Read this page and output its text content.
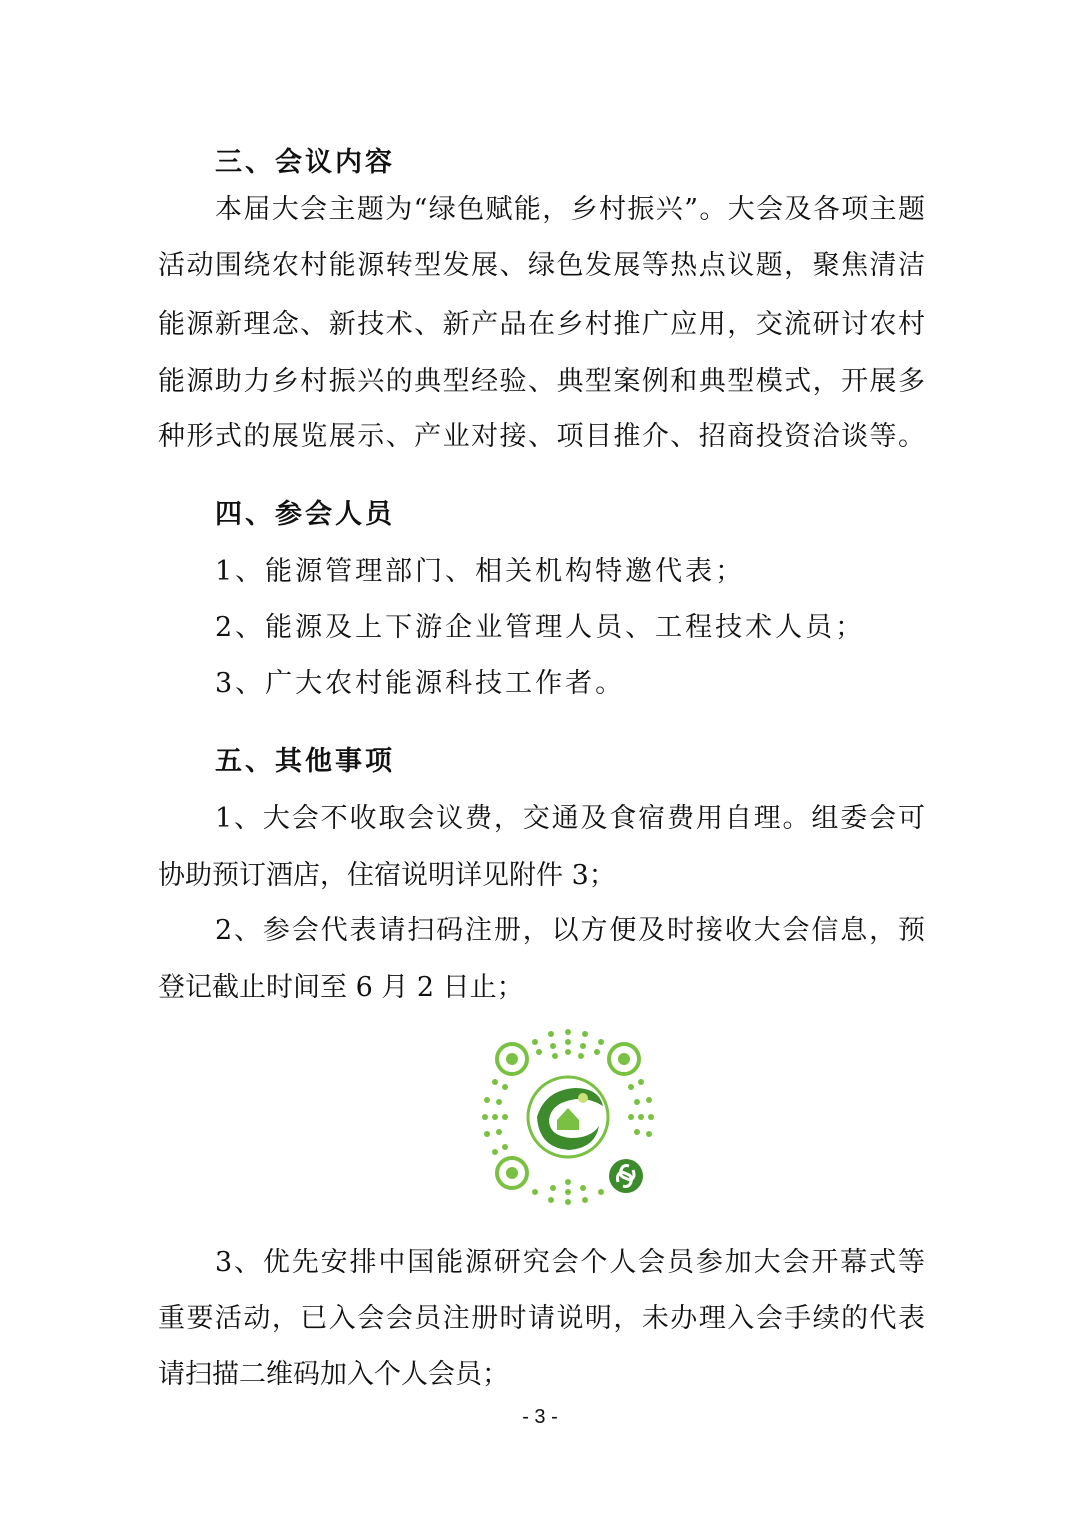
三、会议内容
本届大会主题为“绿色赋能，乡村振兴”。大会及各项主题
活动围绕农村能源转型发展、绿色发展等热点议题，聚焦清洁
能源新理念、新技术、新产品在乡村推广应用，交流研讨农村
能源助力乡村振兴的典型经验、典型案例和典型模式，开展多
种形式的展览展示、产业对接、项目推介、招商投资洽谈等。
四、参会人员
1、能源管理部门、相关机构特邀代表；
2、能源及上下游企业管理人员、工程技术人员；
3、广大农村能源科技工作者。
五、其他事项
1、大会不收取会议费，交通及食宿费用自理。组委会可
协助预订酒店，住宿说明详见附件 3；
2、参会代表请扫码注册，以方便及时接收大会信息，预
登记截止时间至 6 月 2 日止；
3、优先安排中国能源研究会个人会员参加大会开幕式等
重要活动，已入会会员注册时请说明，未办理入会手续的代表
请扫描二维码加入个人会员；
- 3 -
